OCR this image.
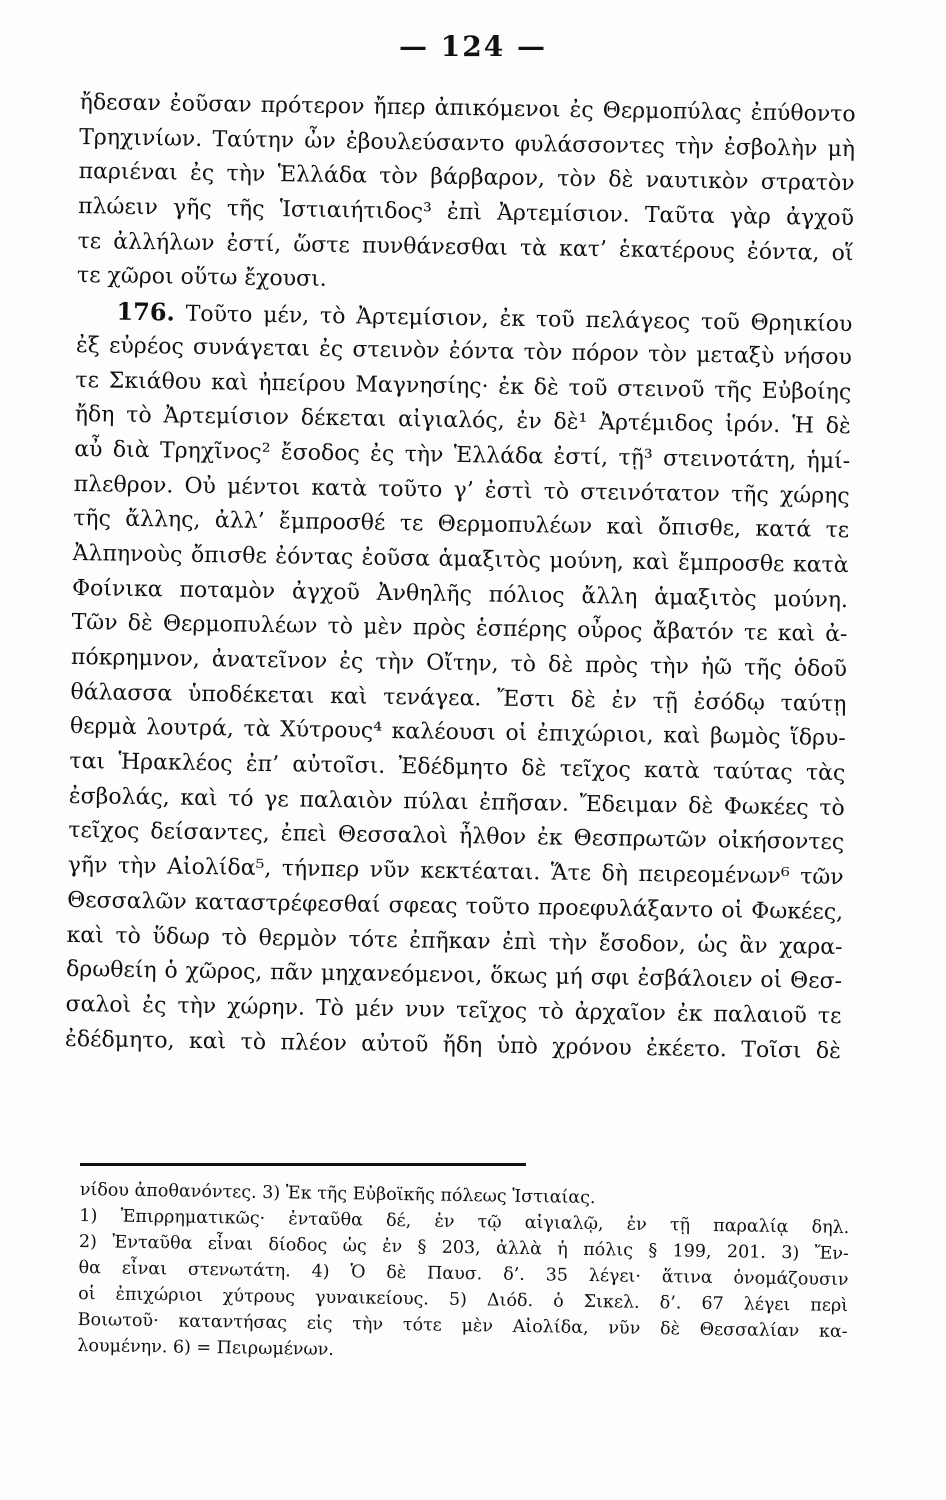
— 124 —
ἤδεσαν ἐοῦσαν πρότερον ἤπερ ἀπικόμενοι ἐς Θερμοπύλας ἐπύθοντο
Τρηχινίων. Ταύτην ὦν ἐβουλεύσαντο φυλάσσοντες τὴν ἐσβολὴν μὴ
παριέναι ἐς τὴν Ἑλλάδα τὸν βάρβαρον, τὸν δὲ ναυτικὸν στρατὸν
πλώειν γῆς τῆς Ἱστιαιήτιδος³ ἐπὶ Ἀρτεμίσιον. Ταῦτα γὰρ ἀγχοῦ
τε ἀλλήλων ἐστί, ὥστε πυνθάνεσθαι τὰ κατ’ ἑκατέρους ἐόντα, οἵ
τε χῶροι οὕτω ἔχουσι.
176. Τοῦτο μέν, τὸ Ἀρτεμίσιον, ἐκ τοῦ πελάγεος τοῦ Θρηικίου
ἐξ εὐρέος συνάγεται ἐς στεινὸν ἐόντα τὸν πόρον τὸν μεταξὺ νήσου
τε Σκιάθου καὶ ἠπείρου Μαγνησίης· ἐκ δὲ τοῦ στεινοῦ τῆς Εὐβοίης
ἤδη τὸ Ἀρτεμίσιον δέκεται αἰγιαλός, ἐν δὲ¹ Ἀρτέμιδος ἱρόν. Ἡ δὲ
αὖ διὰ Τρηχῖνος² ἔσοδος ἐς τὴν Ἑλλάδα ἐστί, τῇ³ στεινοτάτη, ἡμί-
πλεθρον. Οὐ μέντοι κατὰ τοῦτο γ’ ἐστὶ τὸ στεινότατον τῆς χώρης
τῆς ἄλλης, ἀλλ’ ἔμπροσθέ τε Θερμοπυλέων καὶ ὄπισθε, κατά τε
Ἀλπηνοὺς ὄπισθε ἐόντας ἐοῦσα ἁμαξιτὸς μούνη, καὶ ἔμπροσθε κατὰ
Φοίνικα ποταμὸν ἀγχοῦ Ἀνθηλῆς πόλιος ἄλλη ἁμαξιτὸς μούνη.
Τῶν δὲ Θερμοπυλέων τὸ μὲν πρὸς ἑσπέρης οὖρος ἄβατόν τε καὶ ἀ-
πόκρημνον, ἀνατεῖνον ἐς τὴν Οἴτην, τὸ δὲ πρὸς τὴν ἠῶ τῆς ὁδοῦ
θάλασσα ὑποδέκεται καὶ τενάγεα. Ἔστι δὲ ἐν τῇ ἐσόδῳ ταύτῃ
θερμὰ λουτρά, τὰ Χύτρους⁴ καλέουσι οἱ ἐπιχώριοι, καὶ βωμὸς ἵδρυ-
ται Ἡρακλέος ἐπ’ αὐτοῖσι. Ἐδέδμητο δὲ τεῖχος κατὰ ταύτας τὰς
ἐσβολάς, καὶ τό γε παλαιὸν πύλαι ἐπῆσαν. Ἔδειμαν δὲ Φωκέες τὸ
τεῖχος δείσαντες, ἐπεὶ Θεσσαλοὶ ἦλθον ἐκ Θεσπρωτῶν οἰκήσοντες
γῆν τὴν Αἰολίδα⁵, τήνπερ νῦν κεκτέαται. Ἅτε δὴ πειρεομένων⁶ τῶν
Θεσσαλῶν καταστρέφεσθαί σφεας τοῦτο προεφυλάξαντο οἱ Φωκέες,
καὶ τὸ ὕδωρ τὸ θερμὸν τότε ἐπῆκαν ἐπὶ τὴν ἔσοδον, ὡς ἂν χαρα-
δρωθείη ὁ χῶρος, πᾶν μηχανεόμενοι, ὅκως μή σφι ἐσβάλοιεν οἱ Θεσ-
σαλοὶ ἐς τὴν χώρην. Τὸ μέν νυν τεῖχος τὸ ἀρχαῖον ἐκ παλαιοῦ τε
ἐδέδμητο, καὶ τὸ πλέον αὐτοῦ ἤδη ὑπὸ χρόνου ἐκέετο. Τοῖσι δὲ
νίδου ἀποθανόντες. 3) Ἐκ τῆς Εὐβοϊκῆς πόλεως Ἱστιαίας.
1) Ἐπιρρηματικῶς· ἐνταῦθα δέ, ἐν τῷ αἰγιαλῷ, ἐν τῇ παραλίᾳ δηλ.
2) Ἐνταῦθα εἶναι δίοδος ὡς ἐν § 203, ἀλλὰ ἡ πόλις § 199, 201. 3) Ἔν-
θα εἶναι στενωτάτη. 4) Ὁ δὲ Παυσ. δ’. 35 λέγει· ἅτινα ὀνομάζουσιν
οἱ ἐπιχώριοι χύτρους γυναικείους. 5) Διόδ. ὁ Σικελ. δ’. 67 λέγει περὶ
Βοιωτοῦ· καταντήσας εἰς τὴν τότε μὲν Αἰολίδα, νῦν δὲ Θεσσαλίαν κα-
λουμένην. 6) = Πειρωμένων.
